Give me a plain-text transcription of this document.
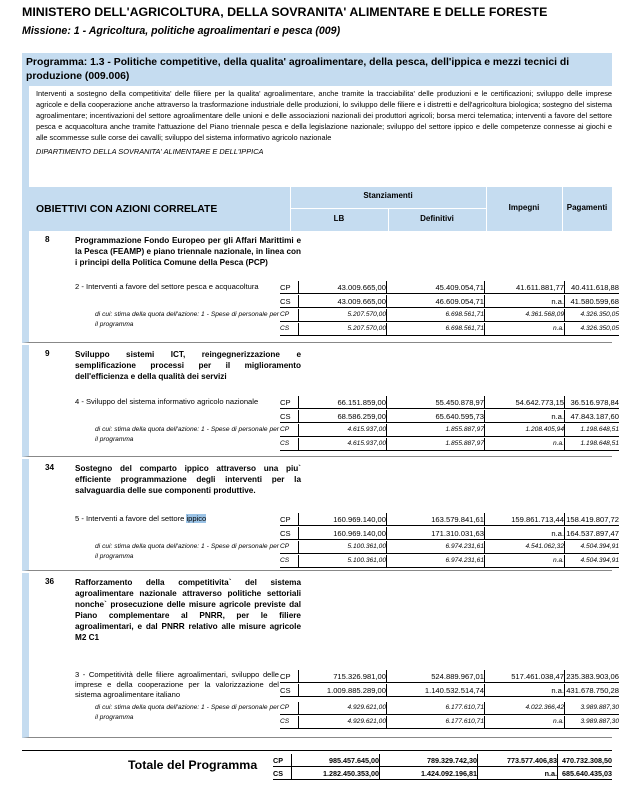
MINISTERO DELL'AGRICOLTURA, DELLA SOVRANITA' ALIMENTARE E DELLE FORESTE
Missione: 1 - Agricoltura, politiche agroalimentari e pesca (009)
Programma: 1.3 - Politiche competitive, della qualita' agroalimentare, della pesca, dell'ippica e mezzi tecnici di produzione (009.006)
Interventi a sostegno della competitivita' delle filiere per la qualita' agroalimentare, anche tramite la tracciabilita' delle produzioni e le certificazioni; sviluppo delle imprese agricole e della cooperazione anche attraverso la trasformazione industriale delle produzioni, lo sviluppo delle filiere e i distretti e dell'agricoltura biologica; sostegno del sistema agroalimentare; incentivazioni del settore agroalimentare delle unioni e delle associazioni nazionali dei produttori agricoli; borsa merci telematica; interventi a favore del settore pesca e acquacoltura anche tramite l'attuazione del Piano triennale pesca e della legislazione nazionale; sviluppo del settore ippico e delle competenze connesse ai giochi e alle scommesse sulle corse dei cavalli; sviluppo del sistema informativo agricolo nazionale
DIPARTIMENTO DELLA SOVRANITA' ALIMENTARE E DELL'IPPICA
OBIETTIVI CON AZIONI CORRELATE
Stanziamenti
LB	Definitivi
Impegni	Pagamenti
8	Programmazione Fondo Europeo per gli Affari Marittimi e la Pesca (FEAMP) e piano triennale nazionale, in linea con i principi della Politica Comune della Pesca (PCP)
2 - Interventi a favore del settore pesca e acquacoltura
di cui: stima della quota dell'azione: 1 - Spese di personale per il programma
CP	43.009.665,00	45.409.054,71	41.611.881,77 40.411.618,88
CS	43.009.665,00	46.609.054,71	n.a. 41.580.599,68
CP	5.207.570,00	6.698.561,71	4.361.568,09	4.326.350,05
CS	5.207.570,00	6.698.561,71	n.a.	4.326.350,05
9	Sviluppo sistemi ICT, reingegnerizzazione e semplificazione processi per il miglioramento dell'efficienza e della qualità dei servizi
4 - Sviluppo del sistema informativo agricolo nazionale
di cui: stima della quota dell'azione: 1 - Spese di personale per il programma
CP	66.151.859,00	55.450.878,97	54.642.773,15 36.516.978,84
CS	68.586.259,00	65.640.595,73	n.a. 47.843.187,60
CP	4.615.937,00	1.855.887,97	1.208.405,94	1.198.648,51
CS	4.615.937,00	1.855.887,97	n.a.	1.198.648,51
34	Sostegno del comparto ippico attraverso una piu` efficiente programmazione degli interventi per la salvaguardia delle sue componenti produttive.
5 - Interventi a favore del settore ippico
di cui: stima della quota dell'azione: 1 - Spese di personale per il programma
CP	160.969.140,00	163.579.841,61	159.861.713,44 158.419.807,72
CS	160.969.140,00	171.310.031,63	n.a. 164.537.897,47
CP	5.100.361,00	6.974.231,61	4.541.062,32	4.504.394,91
CS	5.100.361,00	6.974.231,61	n.a.	4.504.394,91
36	Rafforzamento della competitivita` del sistema agroalimentare nazionale attraverso politiche settoriali nonche` prosecuzione delle misure agricole previste dal Piano complementare al PNRR, per le filiere agroalimentari, e dal PNRR relativo alle misure agricole M2 C1
3 - Competitività delle filiere agroalimentari, sviluppo delle imprese e della cooperazione per la valorizzazione del sistema agroalimentare italiano
di cui: stima della quota dell'azione: 1 - Spese di personale per il programma
CP	715.326.981,00	524.889.967,01	517.461.038,47 235.383.903,06
CS	1.009.885.289,00	1.140.532.514,74	n.a. 431.678.750,28
CP	4.929.621,00	6.177.610,71	4.022.366,42	3.989.887,30
CS	4.929.621,00	6.177.610,71	n.a.	3.989.887,30
Totale del Programma CP	985.457.645,00	789.329.742,30	773.577.406,83 470.732.308,50
CS	1.282.450.353,00	1.424.092.196,81	n.a. 685.640.435,03
